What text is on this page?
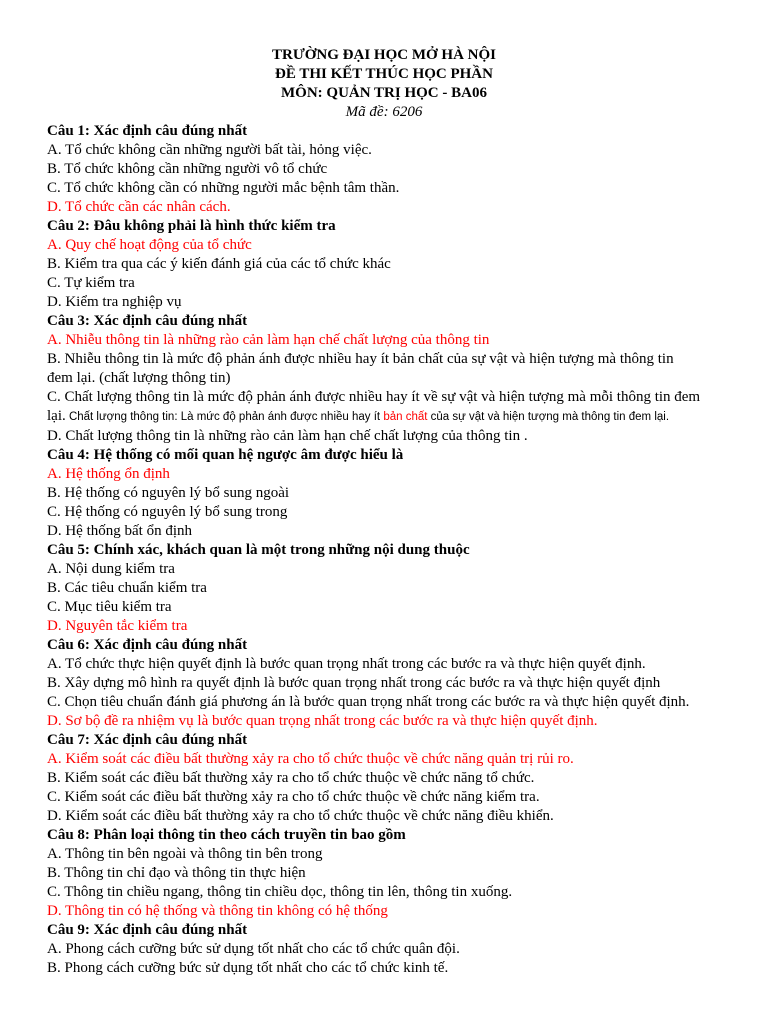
TRƯỜNG ĐẠI HỌC MỞ HÀ NỘI
ĐỀ THI KẾT THÚC HỌC PHẦN
MÔN: QUẢN TRỊ HỌC - BA06
Mã đề: 6206
Câu 1: Xác định câu đúng nhất
A. Tổ chức không cần những người bất tài, hỏng việc.
B. Tổ chức không cần những người vô tổ chức
C. Tổ chức không cần có những người mắc bệnh tâm thần.
D. Tổ chức cần các nhân cách.
Câu 2: Đâu không phải là hình thức kiểm tra
A. Quy chế hoạt động của tổ chức
B. Kiểm tra qua các ý kiến đánh giá của các tổ chức khác
C. Tự kiểm tra
D. Kiểm tra nghiệp vụ
Câu 3: Xác định câu đúng nhất
A. Nhiễu thông tin là những rào cản làm hạn chế chất lượng của thông tin
B. Nhiễu thông tin là mức độ phản ánh được nhiều hay ít bản chất của sự vật và hiện tượng mà thông tin
đem lại. (chất lượng thông tin)
C. Chất lượng thông tin là mức độ phản ánh được nhiều hay ít về sự vật và hiện tượng mà mỗi thông tin đem
lại. Chất lượng thông tin: Là mức độ phản ánh được nhiều hay ít bản chất của sự vật và hiện tượng mà thông tin đem lại.
D. Chất lượng thông tin là những rào cản làm hạn chế chất lượng của thông tin .
Câu 4: Hệ thống có mối quan hệ ngược âm được hiểu là
A. Hệ thống ổn định
B. Hệ thống có nguyên lý bổ sung ngoài
C. Hệ thống có nguyên lý bổ sung trong
D. Hệ thống bất ổn định
Câu 5: Chính xác, khách quan là một trong những nội dung thuộc
A. Nội dung kiểm tra
B. Các tiêu chuẩn kiểm tra
C. Mục tiêu kiểm tra
D. Nguyên tắc kiểm tra
Câu 6: Xác định câu đúng nhất
A. Tổ chức thực hiện quyết định là bước quan trọng nhất trong các bước ra và thực hiện quyết định.
B. Xây dựng mô hình ra quyết định là bước quan trọng nhất trong các bước ra và thực hiện quyết định
C. Chọn tiêu chuẩn đánh giá phương án là bước quan trọng nhất trong các bước ra và thực hiện quyết định.
D. Sơ bộ đề ra nhiệm vụ là bước quan trọng nhất trong các bước ra và thực hiện quyết định.
Câu 7: Xác định câu đúng nhất
A. Kiểm soát các điều bất thường xảy ra cho tổ chức thuộc về chức năng quản trị rủi ro.
B. Kiểm soát các điều bất thường xảy ra cho tổ chức thuộc về chức năng tổ chức.
C. Kiểm soát các điều bất thường xảy ra cho tổ chức thuộc về chức năng kiểm tra.
D. Kiểm soát các điều bất thường xảy ra cho tổ chức thuộc về chức năng điều khiển.
Câu 8: Phân loại thông tin theo cách truyền tin bao gồm
A. Thông tin bên ngoài và thông tin bên trong
B. Thông tin chỉ đạo và thông tin thực hiện
C. Thông tin chiều ngang, thông tin chiều dọc, thông tin lên, thông tin xuống.
D. Thông tin có hệ thống và thông tin không có hệ thống
Câu 9: Xác định câu đúng nhất
A. Phong cách cưỡng bức sử dụng tốt nhất cho các tổ chức quân đội.
B. Phong cách cưỡng bức sử dụng tốt nhất cho các tổ chức kinh tế.
